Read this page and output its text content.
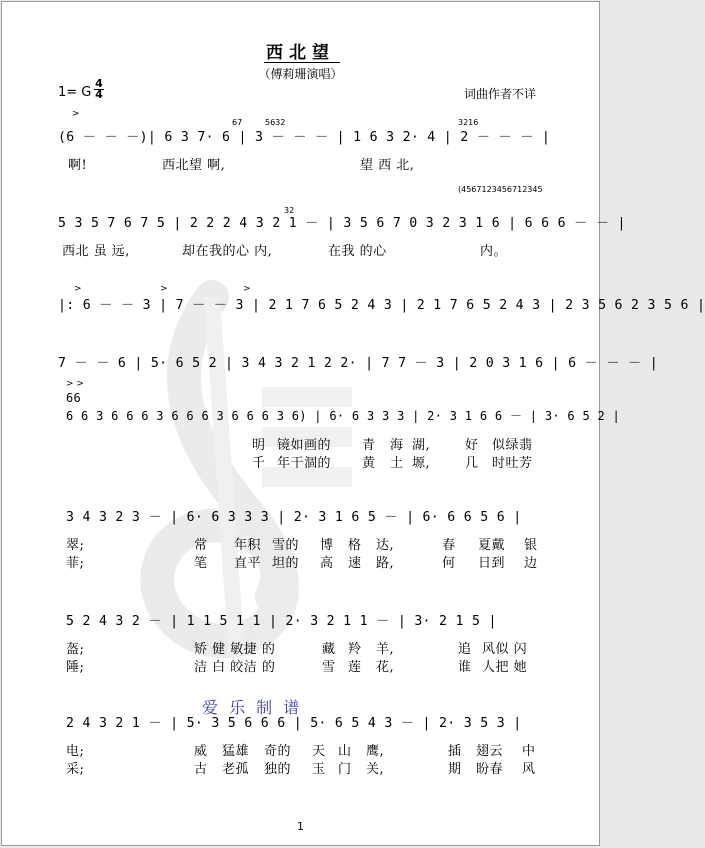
西北望
（傅莉珊演唱）
1= G
4
4	词曲作者不详
>
67	5632	3216
(6 － － －)| 6 3 7· 6 | 3 － － － | 1 6 3 2· 4 | 2 － － － |
啊!	西北望 啊,	望 西 北,
32
(4567123456712345
5 3 5 7 6 7 5 | 2 2 2 4 3 2 1 － | 3 5 6 7 0 3 2 3 1 6 | 6 6 6 － － |
西北 虽 远,	却在我的心 内,	在我 的心	内。
>	>	>
|: 6 － － 3 | 7 － － 3 | 2 1 7 6 5 2 4 3 | 2 1 7 6 5 2 4 3 | 2 3 5 6 2 3 5 6 |
7 － － 6 | 5· 6 5 2 | 3 4 3 2 1 2 2· | 7 7 － 3 | 2 0 3 1 6 | 6 － － － |
> >
66
6 6 3 6 6 6 3 6 6 6 3 6 6 6 3 6) | 6· 6 3 3 3 | 2· 3 1 6 6 － | 3· 6 5 2 |
明 镜如画的 青 海 湖,	好 似绿翡
千 年干涸的 黄 土 塬,	几 时吐芳
3 4 3 2 3 － | 6· 6 3 3 3 | 2· 3 1 6 5 － | 6· 6 6 5 6 |
翠;	常 年积 雪的 博 格 达,	春 夏戴 银
菲;	笔 直平 坦的 高 速 路,	何 日到 边
5 2 4 3 2 － | 1 1 5 1 1 | 2· 3 2 1 1 － | 3· 2 1 5 |
盔;	矫 健 敏捷 的	藏 羚 羊,	追 风似 闪
陲;	洁 白 皎洁 的	雪 莲 花,	谁 人把 她
爱 乐 制 谱
2 4 3 2 1 － | 5· 3 5 6 6 6 | 5· 6 5 4 3 － | 2· 3 5 3 |
电;	威 猛雄 奇的 天 山 鹰,	插 翅云 中
采;	古 老孤 独的 玉 门 关,	期 盼春 风
1
